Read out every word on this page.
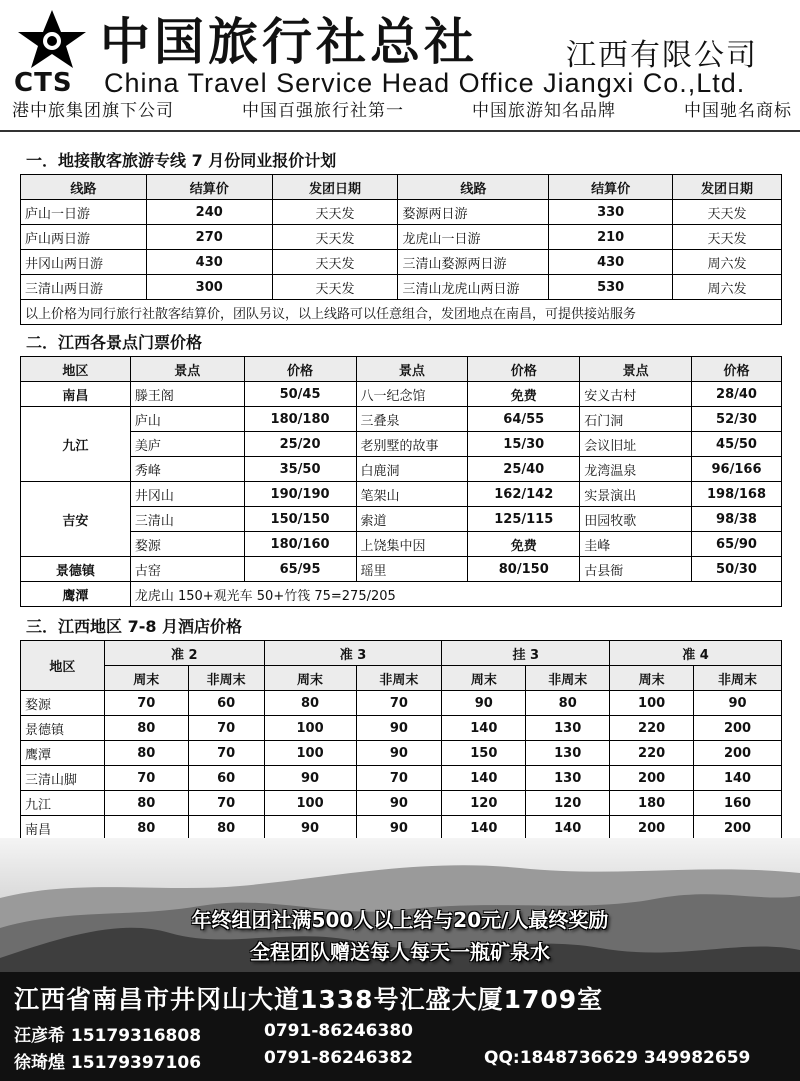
CTS
中国旅行社总社	江西有限公司
China Travel Service Head Office Jiangxi Co.,Ltd.
港中旅集团旗下公司	中国百强旅行社第一	中国旅游知名品牌	中国驰名商标
一．地接散客旅游专线 7 月份同业报价计划
线路	结算价	发团日期	线路	结算价	发团日期
庐山一日游	240	天天发	婺源两日游	330	天天发
庐山两日游	270	天天发	龙虎山一日游	210	天天发
井冈山两日游	430	天天发	三清山婺源两日游	430	周六发
三清山两日游	300	天天发	三清山龙虎山两日游	530	周六发
以上价格为同行旅行社散客结算价，团队另议，以上线路可以任意组合，发团地点在南昌，可提供接站服务					
二．江西各景点门票价格
地区	景点	价格	景点	价格	景点	价格
南昌	滕王阁	50/45	八一纪念馆	免费	安义古村	28/40
九江	庐山	180/180	三叠泉	64/55	石门洞	52/30
	美庐	25/20	老别墅的故事	15/30	会议旧址	45/50
	秀峰	35/50	白鹿洞	25/40	龙湾温泉	96/166
吉安	井冈山	190/190	笔架山	162/142	实景演出	198/168
	三清山	150/150	索道	125/115	田园牧歌	98/38
	婺源	180/160	上饶集中因	免费	圭峰	65/90
景德镇	古窑	65/95	瑶里	80/150	古县衙	50/30
鹰潭	龙虎山 150+观光车 50+竹筏 75=275/205					
三．江西地区 7-8 月酒店价格
地区	准 2		准 3		挂 3		准 4	
	周末	非周末	周末	非周末	周末	非周末	周末	非周末
婺源	70	60	80	70	90	80	100	90
景德镇	80	70	100	90	140	130	220	200
鹰潭	80	70	100	90	150	130	220	200
三清山脚	70	60	90	70	140	130	200	140
九江	80	70	100	90	120	120	180	160
南昌	80	80	90	90	140	140	200	200

年终组团社满500人以上给与20元/人最终奖励
全程团队赠送每人每天一瓶矿泉水
江西省南昌市井冈山大道1338号汇盛大厦1709室
汪彦希 15179316808	0791-86246380
徐琦煌 15179397106	0791-86246382	QQ:1848736629 349982659
